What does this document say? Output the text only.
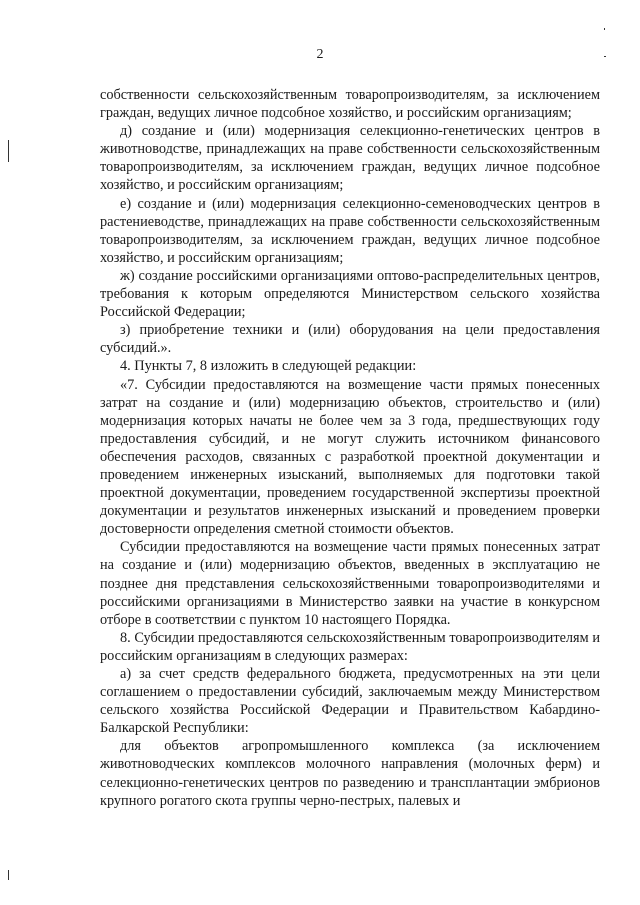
2

собственности сельскохозяйственным товаропроизводителям, за исключением граждан, ведущих личное подсобное хозяйство, и российским организациям;

д) создание и (или) модернизация селекционно-генетических центров в животноводстве, принадлежащих на праве собственности сельскохозяйственным товаропроизводителям, за исключением граждан, ведущих личное подсобное хозяйство, и российским организациям;

е) создание и (или) модернизация селекционно-семеноводческих центров в растениеводстве, принадлежащих на праве собственности сельскохозяйственным товаропроизводителям, за исключением граждан, ведущих личное подсобное хозяйство, и российским организациям;

ж) создание российскими организациями оптово-распределительных центров, требования к которым определяются Министерством сельского хозяйства Российской Федерации;

з) приобретение техники и (или) оборудования на цели предоставления субсидий.».

4. Пункты 7, 8 изложить в следующей редакции:

«7. Субсидии предоставляются на возмещение части прямых понесенных затрат на создание и (или) модернизацию объектов, строительство и (или) модернизация которых начаты не более чем за 3 года, предшествующих году предоставления субсидий, и не могут служить источником финансового обеспечения расходов, связанных с разработкой проектной документации и проведением инженерных изысканий, выполняемых для подготовки такой проектной документации, проведением государственной экспертизы проектной документации и результатов инженерных изысканий и проведением проверки достоверности определения сметной стоимости объектов.

Субсидии предоставляются на возмещение части прямых понесенных затрат на создание и (или) модернизацию объектов, введенных в эксплуатацию не позднее дня представления сельскохозяйственными товаропроизводителями и российскими организациями в Министерство заявки на участие в конкурсном отборе в соответствии с пунктом 10 настоящего Порядка.

8. Субсидии предоставляются сельскохозяйственным товаропроизводителям и российским организациям в следующих размерах:

а) за счет средств федерального бюджета, предусмотренных на эти цели соглашением о предоставлении субсидий, заключаемым между Министерством сельского хозяйства Российской Федерации и Правительством Кабардино-Балкарской Республики:

для объектов агропромышленного комплекса (за исключением животноводческих комплексов молочного направления (молочных ферм) и селекционно-генетических центров по разведению и трансплантации эмбрионов крупного рогатого скота группы черно-пестрых, палевых и
